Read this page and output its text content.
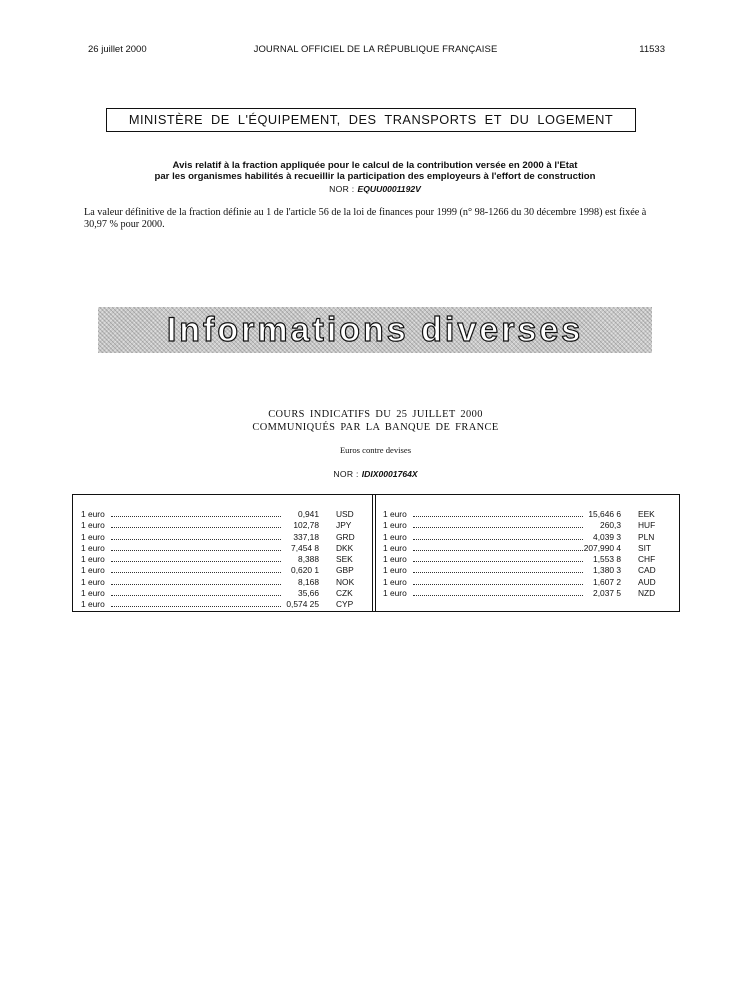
26 juillet 2000	JOURNAL OFFICIEL DE LA RÉPUBLIQUE FRANÇAISE	11533
MINISTÈRE DE L'ÉQUIPEMENT, DES TRANSPORTS ET DU LOGEMENT
Avis relatif à la fraction appliquée pour le calcul de la contribution versée en 2000 à l'Etat
par les organismes habilités à recueillir la participation des employeurs à l'effort de construction
NOR : EQUU0001192V
La valeur définitive de la fraction définie au 1 de l'article 56 de la loi de finances pour 1999 (n° 98-1266 du 30 décembre 1998) est fixée à 30,97 % pour 2000.
Informations diverses
COURS INDICATIFS DU 25 JUILLET 2000
COMMUNIQUÉS PAR LA BANQUE DE FRANCE
Euros contre devises
NOR : IDIX0001764X
1 euro	0,941 USD
1 euro	102,78 JPY
1 euro	337,18 GRD
1 euro	7,454 8 DKK
1 euro	8,388 SEK
1 euro	0,620 1 GBP
1 euro	8,168 NOK
1 euro	35,66 CZK
1 euro	0,574 25 CYP
1 euro	15,646 6 EEK
1 euro	260,3 HUF
1 euro	4,039 3 PLN
1 euro	207,990 4 SIT
1 euro	1,553 8 CHF
1 euro	1,380 3 CAD
1 euro	1,607 2 AUD
1 euro	2,037 5 NZD
